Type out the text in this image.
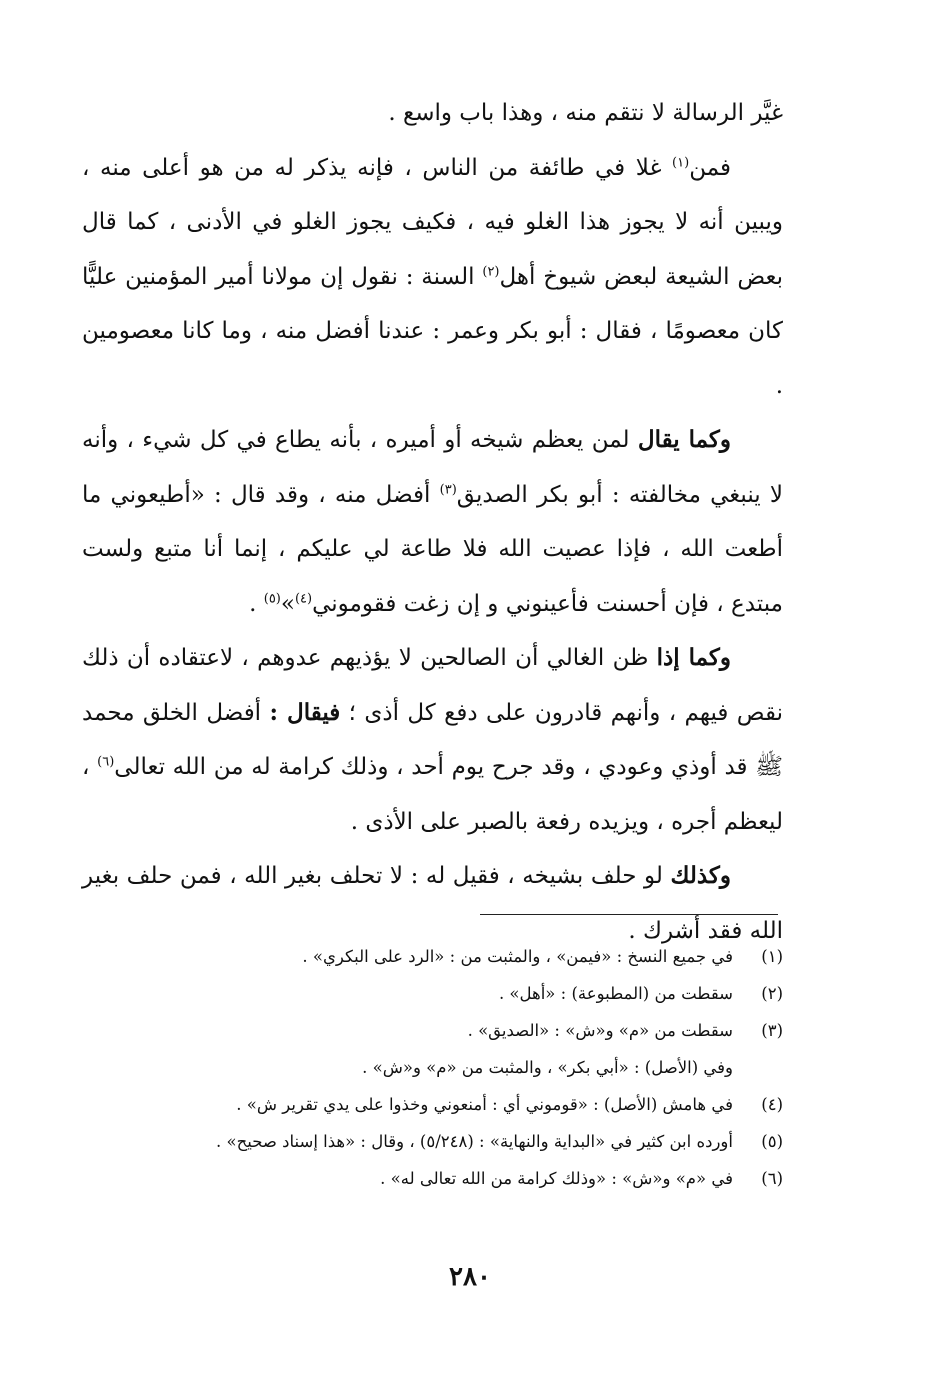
غيَّر الرسالة لا نتقم منه ، وهذا باب واسع .

فمن$^{(١)}$ غلا في طائفة من الناس ، فإنه يذكر له من هو أعلى منه ، ويبين أنه لا يجوز هذا الغلو فيه ، فكيف يجوز الغلو في الأدنى ، كما قال بعض الشيعة لبعض شيوخ أهل$^{(٢)}$ السنة : نقول إن مولانا أمير المؤمنين عليًّا كان معصومًا ، فقال : أبو بكر وعمر : عندنا أفضل منه ، وما كانا معصومين .

وكما يقال لمن يعظم شيخه أو أميره ، بأنه يطاع في كل شيء ، وأنه لا ينبغي مخالفته : أبو بكر الصديق$^{(٣)}$ أفضل منه ، وقد قال : «أطيعوني ما أطعت الله ، فإذا عصيت الله فلا طاعة لي عليكم ، إنما أنا متبع ولست مبتدع ، فإن أحسنت فأعينوني و إن زغت فقوموني$^{(٤)}$»$^{(٥)}$ .

وكما إذا ظن الغالي أن الصالحين لا يؤذيهم عدوهم ، لاعتقاده أن ذلك نقص فيهم ، وأنهم قادرون على دفع كل أذى ؛ فيقال : أفضل الخلق محمد ﷺ قد أوذي وعودي ، وقد جرح يوم أحد ، وذلك كرامة له من الله تعالى$^{(٦)}$ ، ليعظم أجره ، ويزيده رفعة بالصبر على الأذى .

وكذلك لو حلف بشيخه ، فقيل له : لا تحلف بغير الله ، فمن حلف بغير الله فقد أشرك .

(١)
في جميع النسخ : «فيمن» ، والمثبت من : «الرد على البكري» .
(٢)
سقطت من (المطبوعة) : «أهل» .
(٣)
سقطت من «م» و«ش» : «الصديق» .
وفي (الأصل) : «أبي بكر» ، والمثبت من «م» و«ش» .
(٤)
في هامش (الأصل) : «قوموني أي : أمنعوني وخذوا على يدي تقرير ش» .
(٥)
أورده ابن كثير في «البداية والنهاية» : (٥/٢٤٨) ، وقال : «هذا إسناد صحيح» .
(٦)
في «م» و«ش» : «وذلك كرامة من الله تعالى له» .
٢٨٠
